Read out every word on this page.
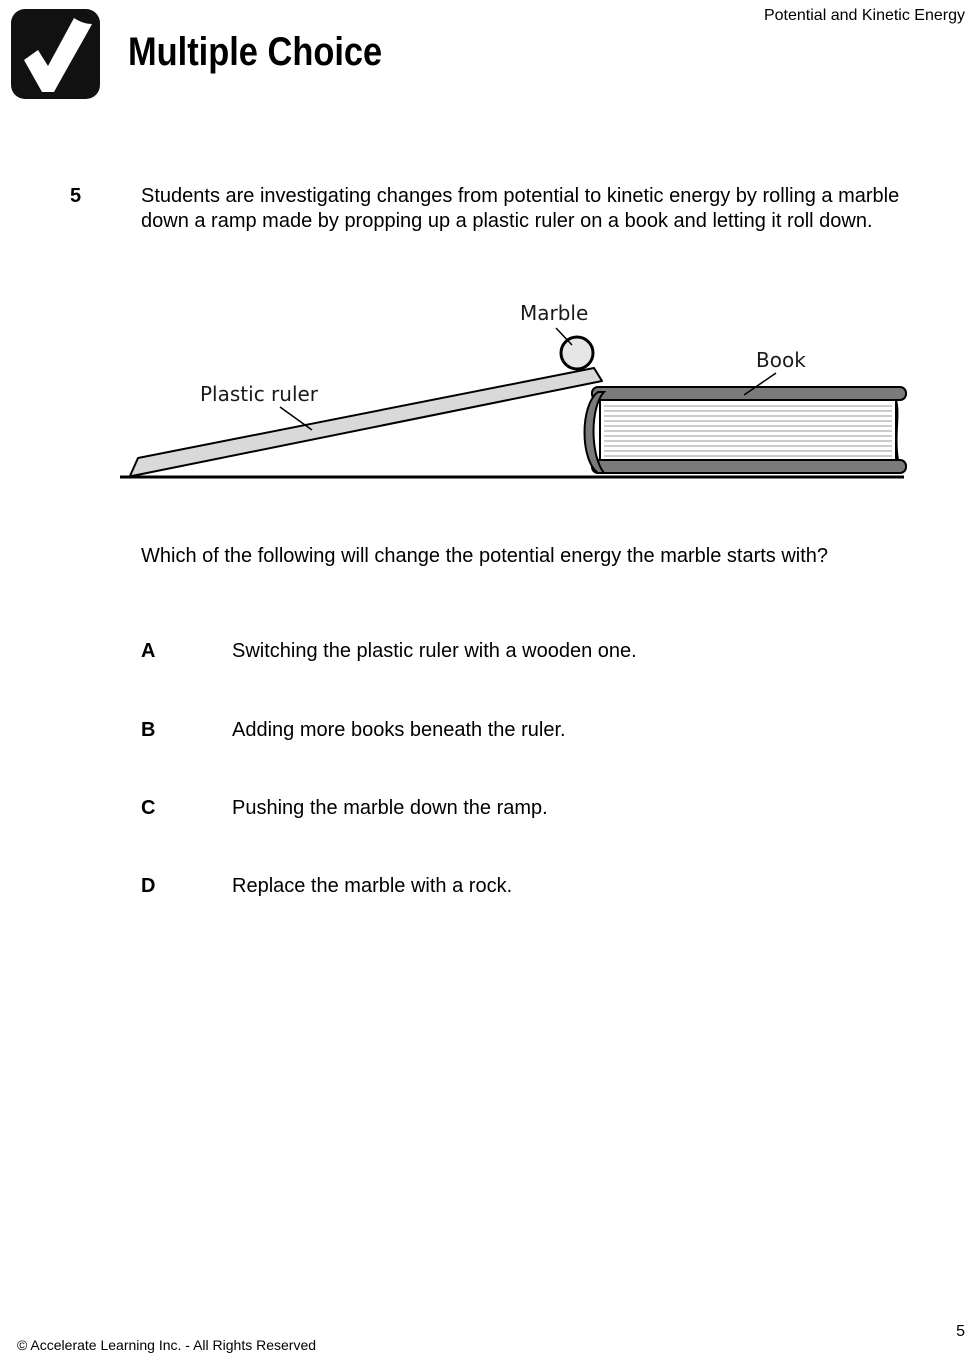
Potential and Kinetic Energy
Multiple Choice
5	Students are investigating changes from potential to kinetic energy by rolling a marble down a ramp made by propping up a plastic ruler on a book and letting it roll down.
Marble
Book
Plastic ruler
Which of the following will change the potential energy the marble starts with?
A	Switching the plastic ruler with a wooden one.
B	Adding more books beneath the ruler.
C	Pushing the marble down the ramp.
D	Replace the marble with a rock.
© Accelerate Learning Inc. - All Rights Reserved
5
